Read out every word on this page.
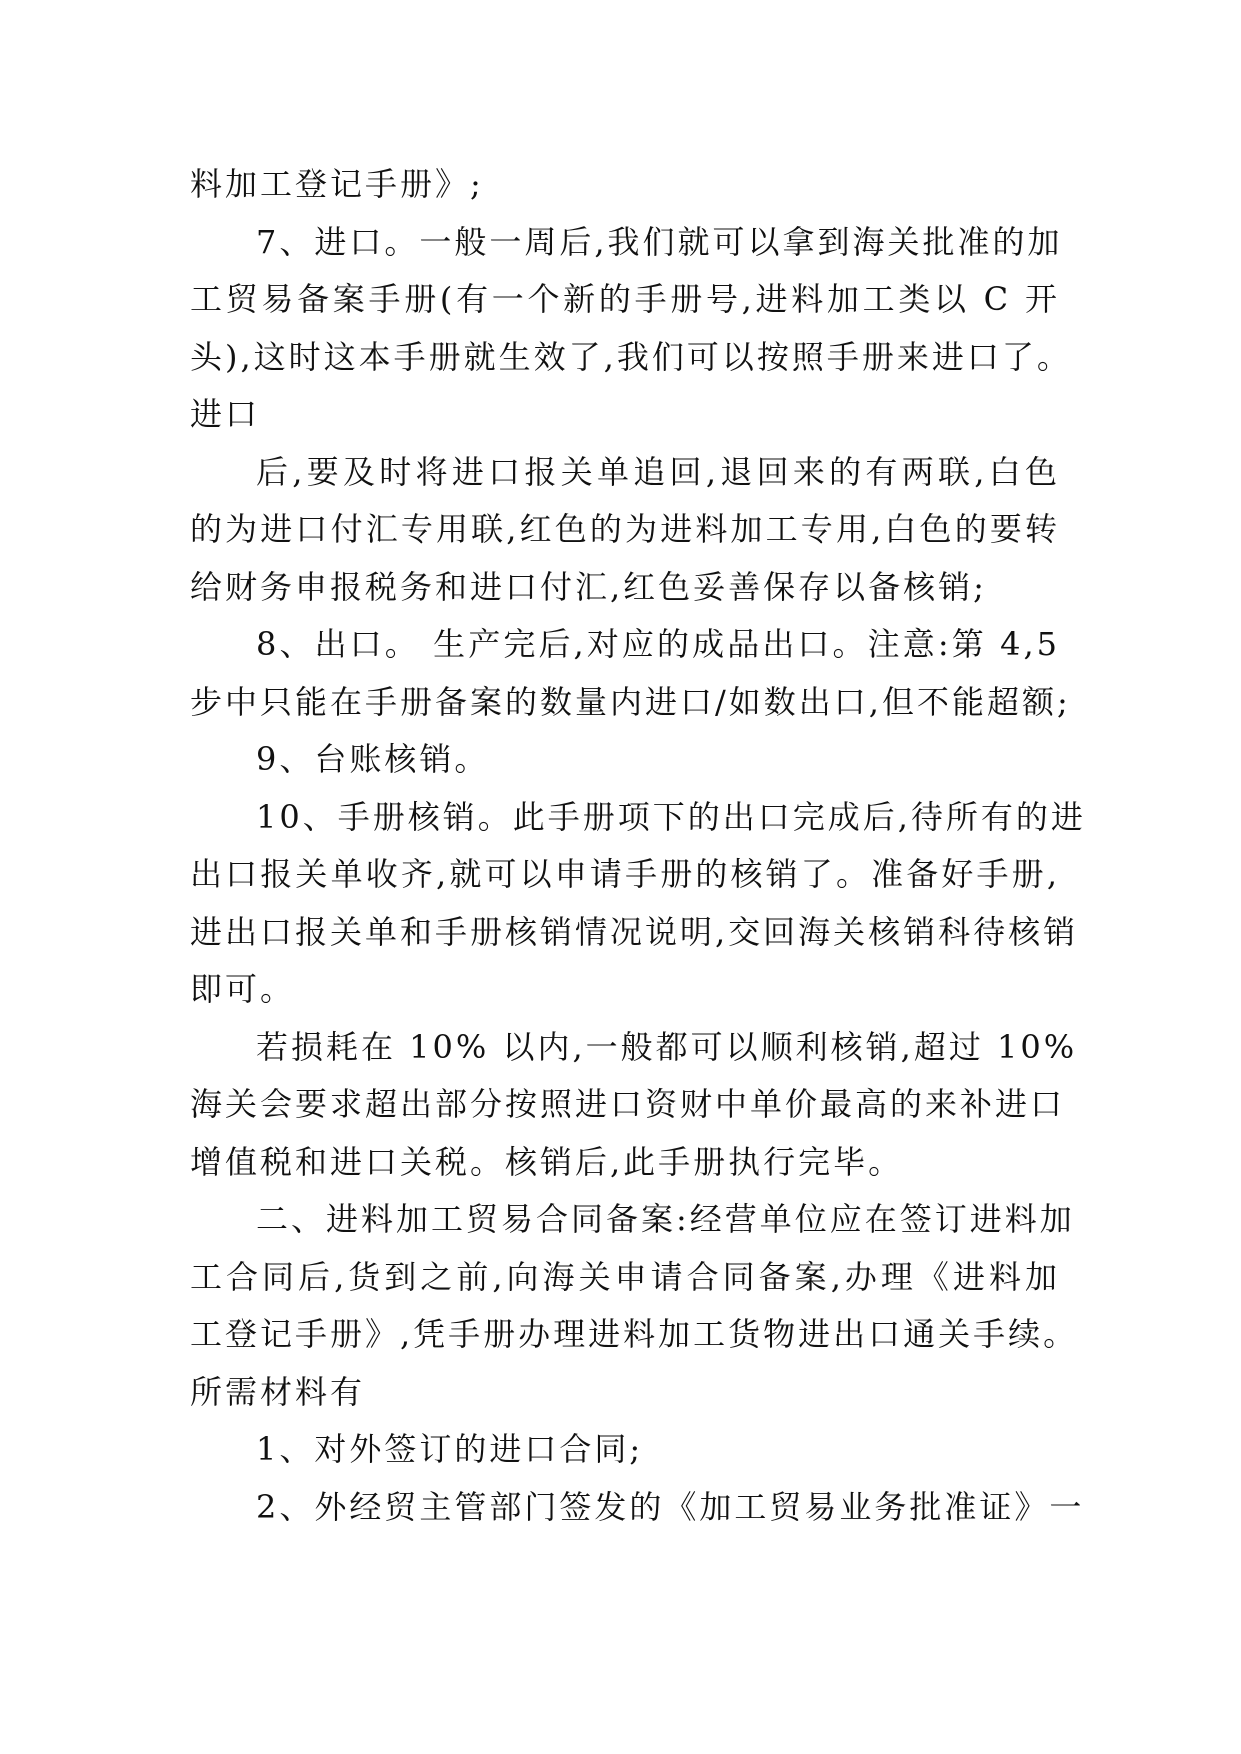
料加工登记手册》;
7、进口。一般一周后,我们就可以拿到海关批准的加
工贸易备案手册(有一个新的手册号,进料加工类以 C 开
头),这时这本手册就生效了,我们可以按照手册来进口了。
进口
后,要及时将进口报关单追回,退回来的有两联,白色
的为进口付汇专用联,红色的为进料加工专用,白色的要转
给财务申报税务和进口付汇,红色妥善保存以备核销;
8、出口。 生产完后,对应的成品出口。注意:第 4,5
步中只能在手册备案的数量内进口/如数出口,但不能超额;
9、台账核销。
10、手册核销。此手册项下的出口完成后,待所有的进
出口报关单收齐,就可以申请手册的核销了。准备好手册,
进出口报关单和手册核销情况说明,交回海关核销科待核销
即可。
若损耗在 10% 以内,一般都可以顺利核销,超过 10%
海关会要求超出部分按照进口资财中单价最高的来补进口
增值税和进口关税。核销后,此手册执行完毕。
二、进料加工贸易合同备案:经营单位应在签订进料加
工合同后,货到之前,向海关申请合同备案,办理《进料加
工登记手册》,凭手册办理进料加工货物进出口通关手续。
所需材料有
1、对外签订的进口合同;
2、外经贸主管部门签发的《加工贸易业务批准证》一
